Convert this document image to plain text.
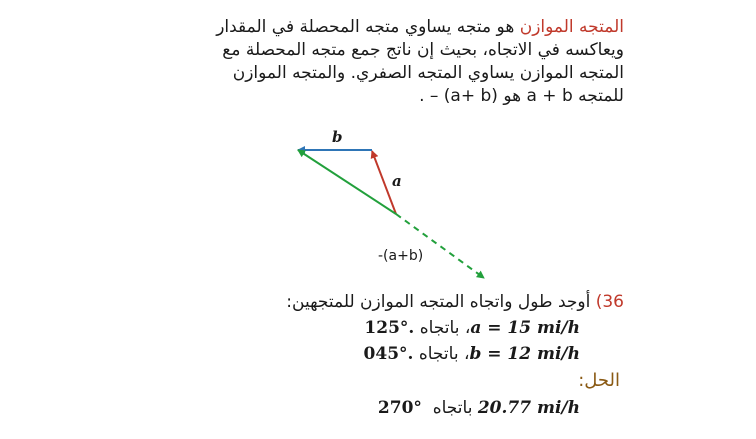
المتجه الموازن هو متجه يساوي متجه المحصلة في المقدار
ويعاكسه في الاتجاه، بحيث إن ناتج جمع متجه المحصلة مع
المتجه الموازن يساوي المتجه الصفري. والمتجه الموازن
للمتجه a + b هو (a+ b) – .
b
a
-(a+b)
36) أوجد طول واتجاه المتجه الموازن للمتجهين:
a = 15 mi/h، باتجاه 125°.
b = 12 mi/h، باتجاه 045°.
الحل:
20.77 mi/h باتجاه  270°
